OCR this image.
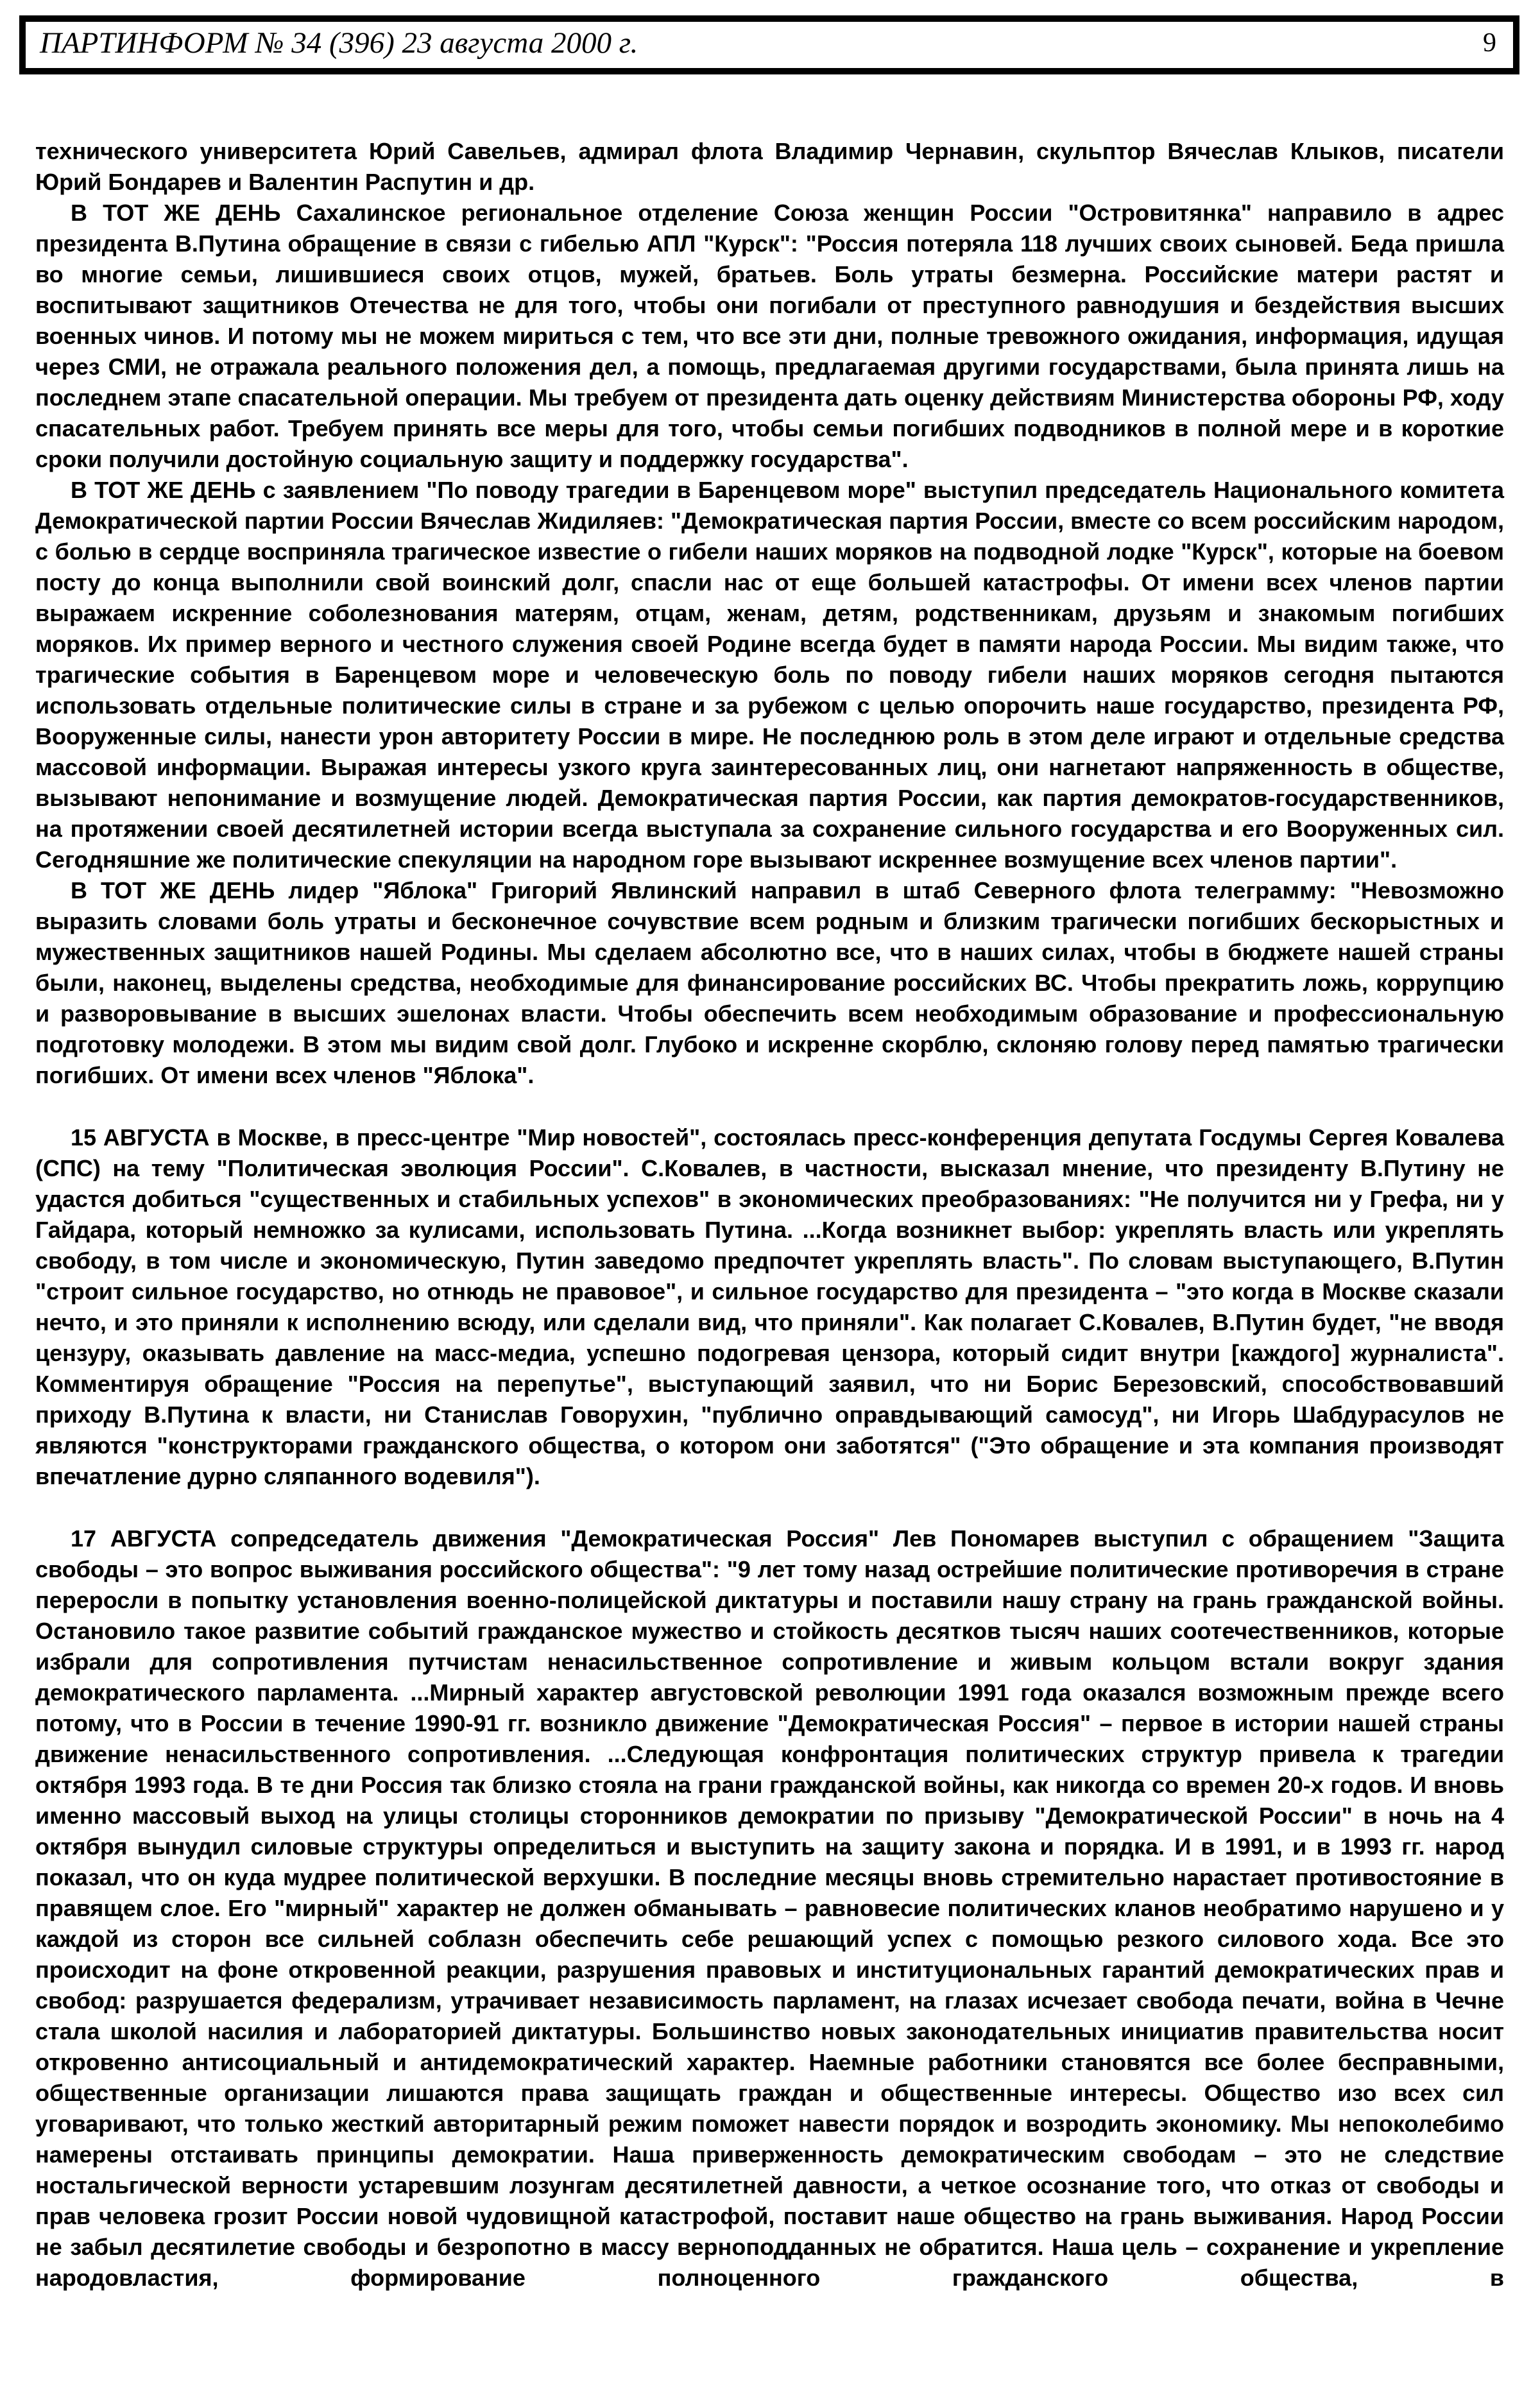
ПАРТИНФОРМ № 34 (396) 23 августа 2000 г.	9

технического университета Юрий Савельев, адмирал флота Владимир Чернавин, скульптор Вячеслав Клыков, писатели Юрий Бондарев и Валентин Распутин и др.

В ТОТ ЖЕ ДЕНЬ Сахалинское региональное отделение Союза женщин России "Островитянка" направило в адрес президента В.Путина обращение в связи с гибелью АПЛ "Курск": "Россия потеряла 118 лучших своих сыновей. Беда пришла во многие семьи, лишившиеся своих отцов, мужей, братьев. Боль утраты безмерна. Российские матери растят и воспитывают защитников Отечества не для того, чтобы они погибали от преступного равнодушия и бездействия высших военных чинов. И потому мы не можем мириться с тем, что все эти дни, полные тревожного ожидания, информация, идущая через СМИ, не отражала реального положения дел, а помощь, предлагаемая другими государствами, была принята лишь на последнем этапе спасательной операции. Мы требуем от президента дать оценку действиям Министерства обороны РФ, ходу спасательных работ. Требуем принять все меры для того, чтобы семьи погибших подводников в полной мере и в короткие сроки получили достойную социальную защиту и поддержку государства".

В ТОТ ЖЕ ДЕНЬ с заявлением "По поводу трагедии в Баренцевом море" выступил председатель Национального комитета Демократической партии России Вячеслав Жидиляев: "Демократическая партия России, вместе со всем российским народом, с болью в сердце восприняла трагическое известие о гибели наших моряков на подводной лодке "Курск", которые на боевом посту до конца выполнили свой воинский долг, спасли нас от еще большей катастрофы. От имени всех членов партии выражаем искренние соболезнования матерям, отцам, женам, детям, родственникам, друзьям и знакомым погибших моряков. Их пример верного и честного служения своей Родине всегда будет в памяти народа России. Мы видим также, что трагические события в Баренцевом море и человеческую боль по поводу гибели наших моряков сегодня пытаются использовать отдельные политические силы в стране и за рубежом с целью опорочить наше государство, президента РФ, Вооруженные силы, нанести урон авторитету России в мире. Не последнюю роль в этом деле играют и отдельные средства массовой информации. Выражая интересы узкого круга заинтересованных лиц, они нагнетают напряженность в обществе, вызывают непонимание и возмущение людей. Демократическая партия России, как партия демократов-государственников, на протяжении своей десятилетней истории всегда выступала за сохранение сильного государства и его Вооруженных сил. Сегодняшние же политические спекуляции на народном горе вызывают искреннее возмущение всех членов партии".

В ТОТ ЖЕ ДЕНЬ лидер "Яблока" Григорий Явлинский направил в штаб Северного флота телеграмму: "Невозможно выразить словами боль утраты и бесконечное сочувствие всем родным и близким трагически погибших бескорыстных и мужественных защитников нашей Родины. Мы сделаем абсолютно все, что в наших силах, чтобы в бюджете нашей страны были, наконец, выделены средства, необходимые для финансирование российских ВС. Чтобы прекратить ложь, коррупцию и разворовывание в высших эшелонах власти. Чтобы обеспечить всем необходимым образование и профессиональную подготовку молодежи. В этом мы видим свой долг. Глубоко и искренне скорблю, склоняю голову перед памятью трагически погибших. От имени всех членов "Яблока".

15 АВГУСТА в Москве, в пресс-центре "Мир новостей", состоялась пресс-конференция депутата Госдумы Сергея Ковалева (СПС) на тему "Политическая эволюция России". С.Ковалев, в частности, высказал мнение, что президенту В.Путину не удастся добиться "существенных и стабильных успехов" в экономических преобразованиях: "Не получится ни у Грефа, ни у Гайдара, который немножко за кулисами, использовать Путина. ...Когда возникнет выбор: укреплять власть или укреплять свободу, в том числе и экономическую, Путин заведомо предпочтет укреплять власть". По словам выступающего, В.Путин "строит сильное государство, но отнюдь не правовое", и сильное государство для президента – "это когда в Москве сказали нечто, и это приняли к исполнению всюду, или сделали вид, что приняли". Как полагает С.Ковалев, В.Путин будет, "не вводя цензуру, оказывать давление на масс-медиа, успешно подогревая цензора, который сидит внутри [каждого] журналиста". Комментируя обращение "Россия на перепутье", выступающий заявил, что ни Борис Березовский, способствовавший приходу В.Путина к власти, ни Станислав Говорухин, "публично оправдывающий самосуд", ни Игорь Шабдурасулов не являются "конструкторами гражданского общества, о котором они заботятся" ("Это обращение и эта компания производят впечатление дурно сляпанного водевиля").

17 АВГУСТА сопредседатель движения "Демократическая Россия" Лев Пономарев выступил с обращением "Защита свободы – это вопрос выживания российского общества": "9 лет тому назад острейшие политические противоречия в стране переросли в попытку установления военно-полицейской диктатуры и поставили нашу страну на грань гражданской войны. Остановило такое развитие событий гражданское мужество и стойкость десятков тысяч наших соотечественников, которые избрали для сопротивления путчистам ненасильственное сопротивление и живым кольцом встали вокруг здания демократического парламента. ...Мирный характер августовской революции 1991 года оказался возможным прежде всего потому, что в России в течение 1990-91 гг. возникло движение "Демократическая Россия" – первое в истории нашей страны движение ненасильственного сопротивления. ...Следующая конфронтация политических структур привела к трагедии октября 1993 года. В те дни Россия так близко стояла на грани гражданской войны, как никогда со времен 20-х годов. И вновь именно массовый выход на улицы столицы сторонников демократии по призыву "Демократической России" в ночь на 4 октября вынудил силовые структуры определиться и выступить на защиту закона и порядка. И в 1991, и в 1993 гг. народ показал, что он куда мудрее политической верхушки. В последние месяцы вновь стремительно нарастает противостояние в правящем слое. Его "мирный" характер не должен обманывать – равновесие политических кланов необратимо нарушено и у каждой из сторон все сильней соблазн обеспечить себе решающий успех с помощью резкого силового хода. Все это происходит на фоне откровенной реакции, разрушения правовых и институциональных гарантий демократических прав и свобод: разрушается федерализм, утрачивает независимость парламент, на глазах исчезает свобода печати, война в Чечне стала школой насилия и лабораторией диктатуры. Большинство новых законодательных инициатив правительства носит откровенно антисоциальный и антидемократический характер. Наемные работники становятся все более бесправными, общественные организации лишаются права защищать граждан и общественные интересы. Общество изо всех сил уговаривают, что только жесткий авторитарный режим поможет навести порядок и возродить экономику. Мы непоколебимо намерены отстаивать принципы демократии. Наша приверженность демократическим свободам – это не следствие ностальгической верности устаревшим лозунгам десятилетней давности, а четкое осознание того, что отказ от свободы и прав человека грозит России новой чудовищной катастрофой, поставит наше общество на грань выживания. Народ России не забыл десятилетие свободы и безропотно в массу верноподданных не обратится. Наша цель – сохранение и укрепление народовластия, формирование полноценного гражданского общества, в
